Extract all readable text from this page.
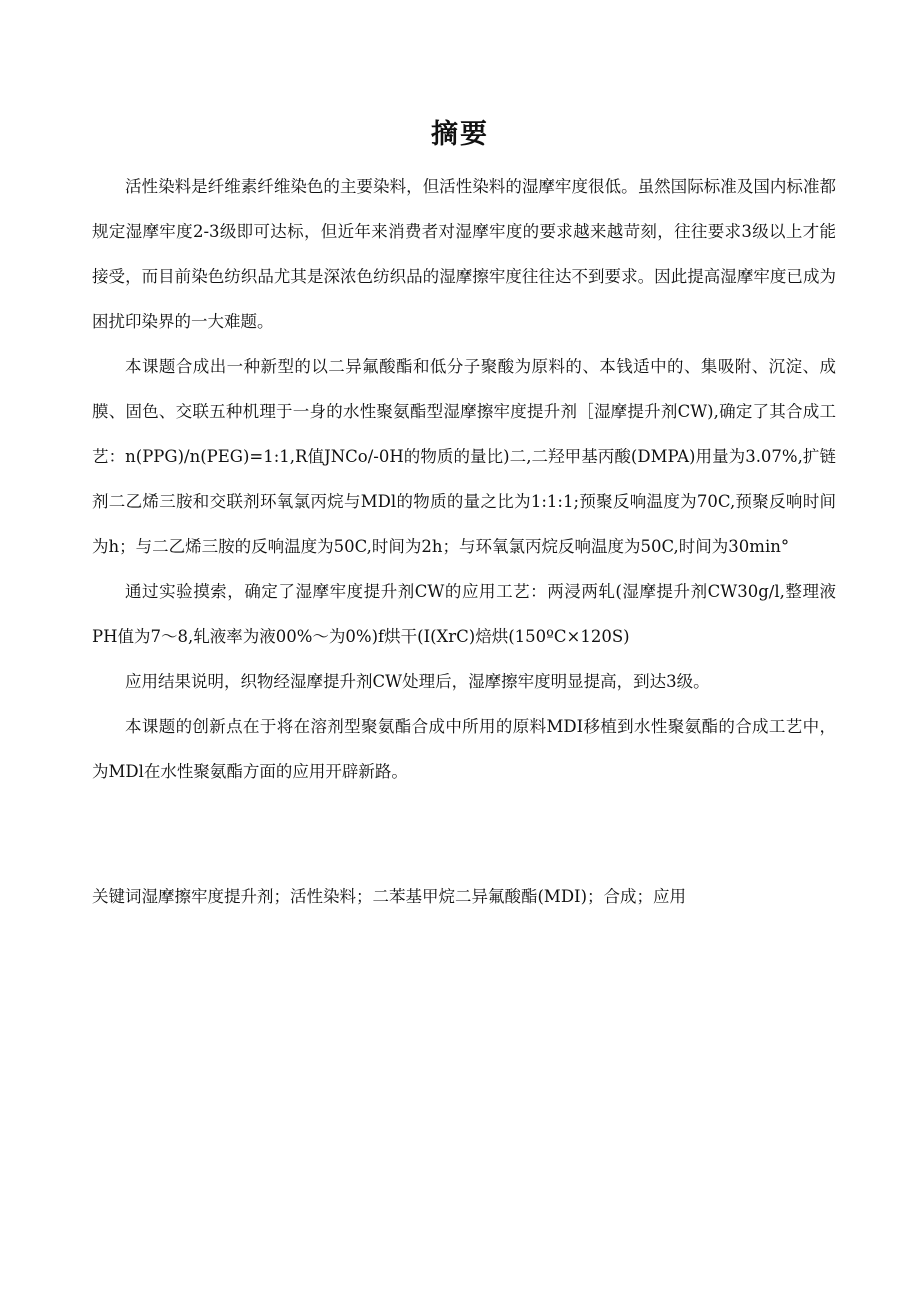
摘要

活性染料是纤维素纤维染色的主要染料，但活性染料的湿摩牢度很低。虽然国际标准及国内标准都规定湿摩牢度2-3级即可达标，但近年来消费者对湿摩牢度的要求越来越苛刻，往往要求3级以上才能接受，而目前染色纺织品尤其是深浓色纺织品的湿摩擦牢度往往达不到要求。因此提高湿摩牢度已成为困扰印染界的一大难题。

本课题合成出一种新型的以二异氟酸酯和低分子聚酸为原料的、本钱适中的、集吸附、沉淀、成膜、固色、交联五种机理于一身的水性聚氨酯型湿摩擦牢度提升剂［湿摩提升剂CW),确定了其合成工艺：n(PPG)/n(PEG)=1:1,R值JNCo/-0H的物质的量比)二,二羟甲基丙酸(DMPA)用量为3.07%,扩链剂二乙烯三胺和交联剂环氧氯丙烷与MDl的物质的量之比为1:1:1;预聚反响温度为70C,预聚反响时间为h；与二乙烯三胺的反响温度为50C,时间为2h；与环氧氯丙烷反响温度为50C,时间为30min°

通过实验摸索，确定了湿摩牢度提升剂CW的应用工艺：两浸两轧(湿摩提升剂CW30g∕l,整理液PH值为7～8,轧液率为液00%～为0%)f烘干(I(XrC)焙烘(150ºC×120S)

应用结果说明，织物经湿摩提升剂CW处理后，湿摩擦牢度明显提高，到达3级。

本课题的创新点在于将在溶剂型聚氨酯合成中所用的原料MDI移植到水性聚氨酯的合成工艺中，为MDl在水性聚氨酯方面的应用开辟新路。

关键词湿摩擦牢度提升剂；活性染料；二苯基甲烷二异氟酸酯(MDI)；合成；应用
